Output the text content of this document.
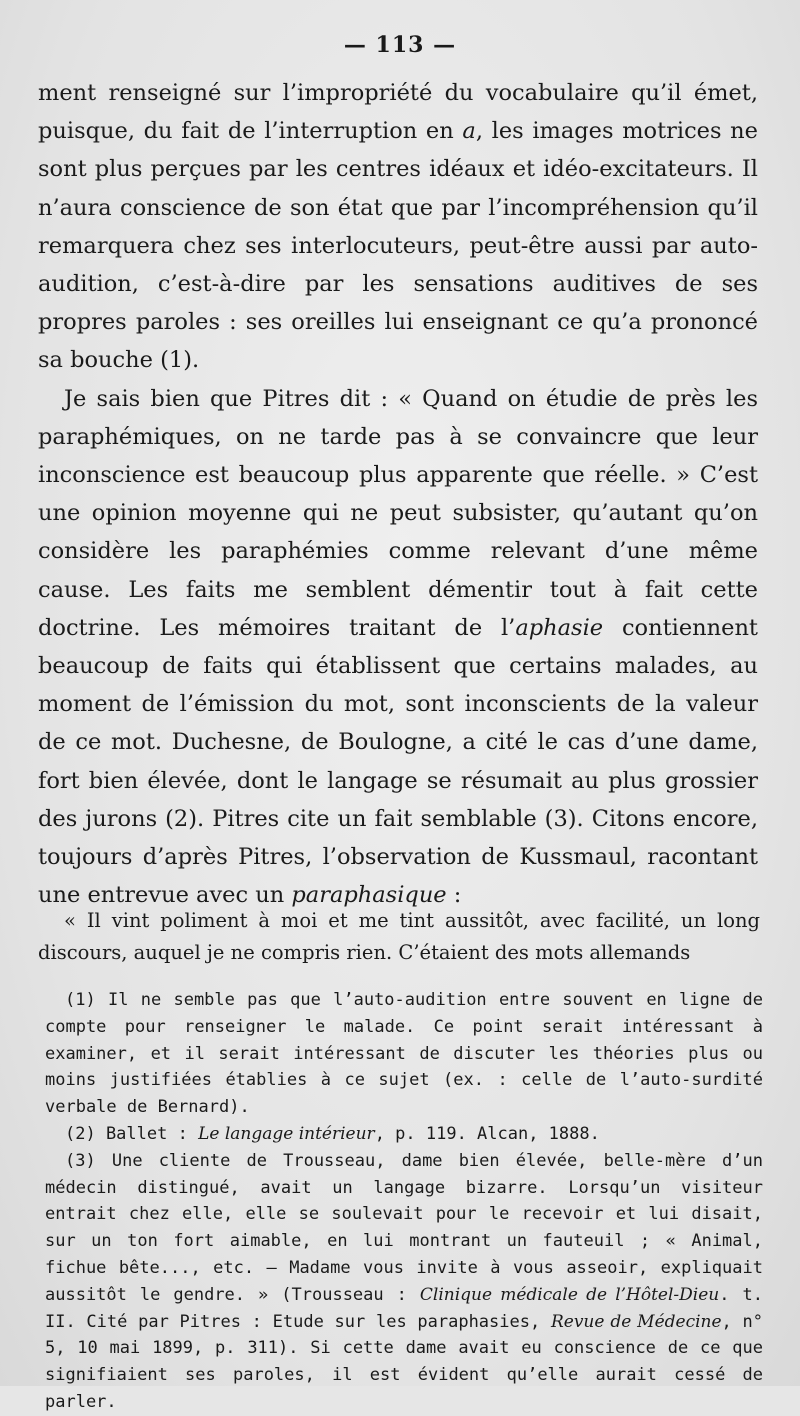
— 113 —

ment renseigné sur l’impropriété du vocabulaire qu’il émet, puisque, du fait de l’interruption en a, les images motrices ne sont plus perçues par les centres idéaux et idéo-excitateurs. Il n’aura conscience de son état que par l’incompréhension qu’il remarquera chez ses interlocuteurs, peut-être aussi par auto-audition, c’est-à-dire par les sensations auditives de ses propres paroles : ses oreilles lui enseignant ce qu’a prononcé sa bouche (1).

Je sais bien que Pitres dit : « Quand on étudie de près les paraphémiques, on ne tarde pas à se convaincre que leur inconscience est beaucoup plus apparente que réelle. » C’est une opinion moyenne qui ne peut subsister, qu’autant qu’on considère les paraphémies comme relevant d’une même cause. Les faits me semblent démentir tout à fait cette doctrine. Les mémoires traitant de l’aphasie contiennent beaucoup de faits qui établissent que certains malades, au moment de l’émission du mot, sont inconscients de la valeur de ce mot. Duchesne, de Boulogne, a cité le cas d’une dame, fort bien élevée, dont le langage se résumait au plus grossier des jurons (2). Pitres cite un fait semblable (3). Citons encore, toujours d’après Pitres, l’observation de Kussmaul, racontant une entrevue avec un paraphasique :

« Il vint poliment à moi et me tint aussitôt, avec facilité, un long discours, auquel je ne compris rien. C’étaient des mots allemands

(1) Il ne semble pas que l’auto-audition entre souvent en ligne de compte pour renseigner le malade. Ce point serait intéressant à examiner, et il serait intéressant de discuter les théories plus ou moins justifiées établies à ce sujet (ex. : celle de l’auto-surdité verbale de Bernard).

(2) Ballet : Le langage intérieur, p. 119. Alcan, 1888.

(3) Une cliente de Trousseau, dame bien élevée, belle-mère d’un médecin distingué, avait un langage bizarre. Lorsqu’un visiteur entrait chez elle, elle se soulevait pour le recevoir et lui disait, sur un ton fort aimable, en lui montrant un fauteuil ; « Animal, fichue bête..., etc. — Madame vous invite à vous asseoir, expliquait aussitôt le gendre. » (Trousseau : Clinique médicale de l’Hôtel-Dieu. t. II. Cité par Pitres : Etude sur les paraphasies, Revue de Médecine, n° 5, 10 mai 1899, p. 311). Si cette dame avait eu conscience de ce que signifiaient ses paroles, il est évident qu’elle aurait cessé de parler.
